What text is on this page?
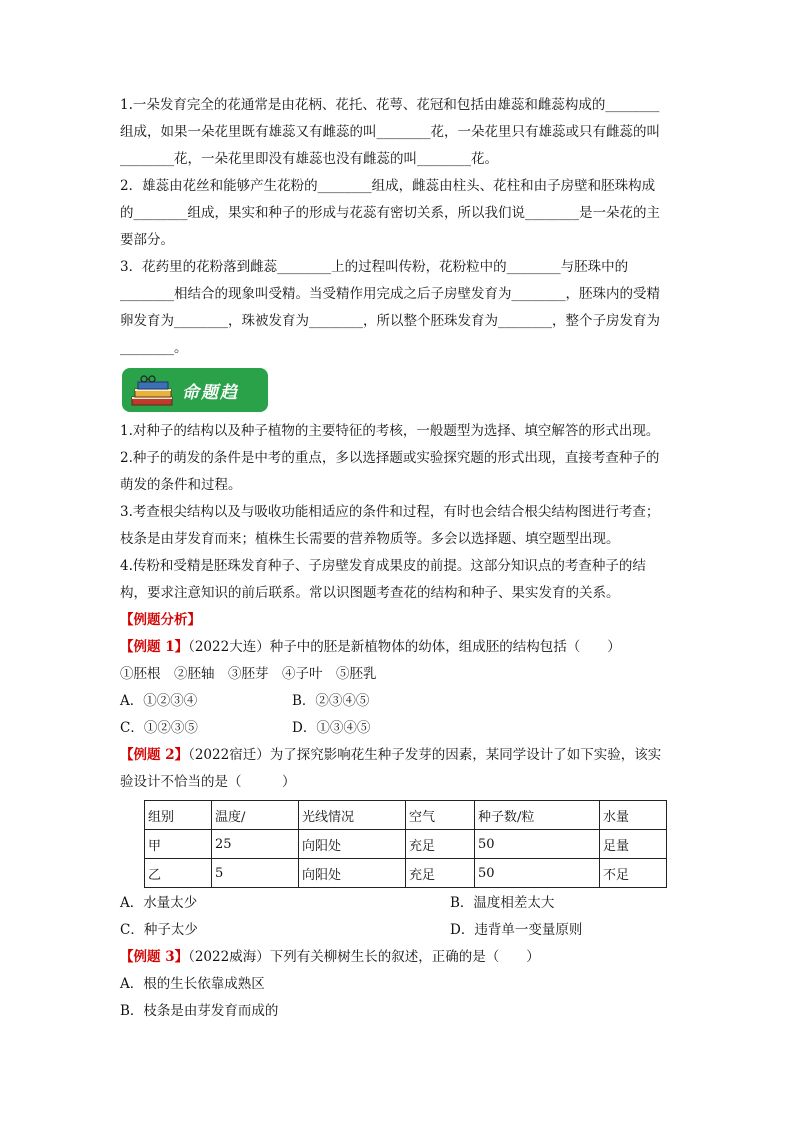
1.一朵发育完全的花通常是由花柄、花托、花萼、花冠和包括由雄蕊和雌蕊构成的________
组成，如果一朵花里既有雄蕊又有雌蕊的叫________花，一朵花里只有雄蕊或只有雌蕊的叫
________花，一朵花里即没有雄蕊也没有雌蕊的叫________花。
2．雄蕊由花丝和能够产生花粉的________组成，雌蕊由柱头、花柱和由子房壁和胚珠构成
的________组成，果实和种子的形成与花蕊有密切关系，所以我们说________是一朵花的主
要部分。
3．花药里的花粉落到雌蕊________上的过程叫传粉，花粉粒中的________与胚珠中的
________相结合的现象叫受精。当受精作用完成之后子房壁发育为________，胚珠内的受精
卵发育为________，珠被发育为________，所以整个胚珠发育为________，整个子房发育为
________。
命题趋
1.对种子的结构以及种子植物的主要特征的考核，一般题型为选择、填空解答的形式出现。
2.种子的萌发的条件是中考的重点，多以选择题或实验探究题的形式出现，直接考查种子的
萌发的条件和过程。
3.考查根尖结构以及与吸收功能相适应的条件和过程，有时也会结合根尖结构图进行考查；
枝条是由芽发育而来；植株生长需要的营养物质等。多会以选择题、填空题型出现。
4.传粉和受精是胚珠发育种子、子房壁发育成果皮的前提。这部分知识点的考查种子的结
构，要求注意知识的前后联系。常以识图题考查花的结构和种子、果实发育的关系。
【例题分析】
【例题 1】（2022大连）种子中的胚是新植物体的幼体，组成胚的结构包括（　　）
①胚根　②胚轴　③胚芽　④子叶　⑤胚乳
A．①②③④	B．②③④⑤
C．①②③⑤	D．①③④⑤
【例题 2】（2022宿迁）为了探究影响花生种子发芽的因素，某同学设计了如下实验，该实
验设计不恰当的是（　　　）
组别	温度/	光线情况	空气	种子数/粒	水量
甲	25	向阳处	充足	50	足量
乙	5	向阳处	充足	50	不足
A．水量太少	B．温度相差太大
C．种子太少	D．违背单一变量原则
【例题 3】（2022威海）下列有关柳树生长的叙述，正确的是（　　）
A．根的生长依靠成熟区
B．枝条是由芽发育而成的
